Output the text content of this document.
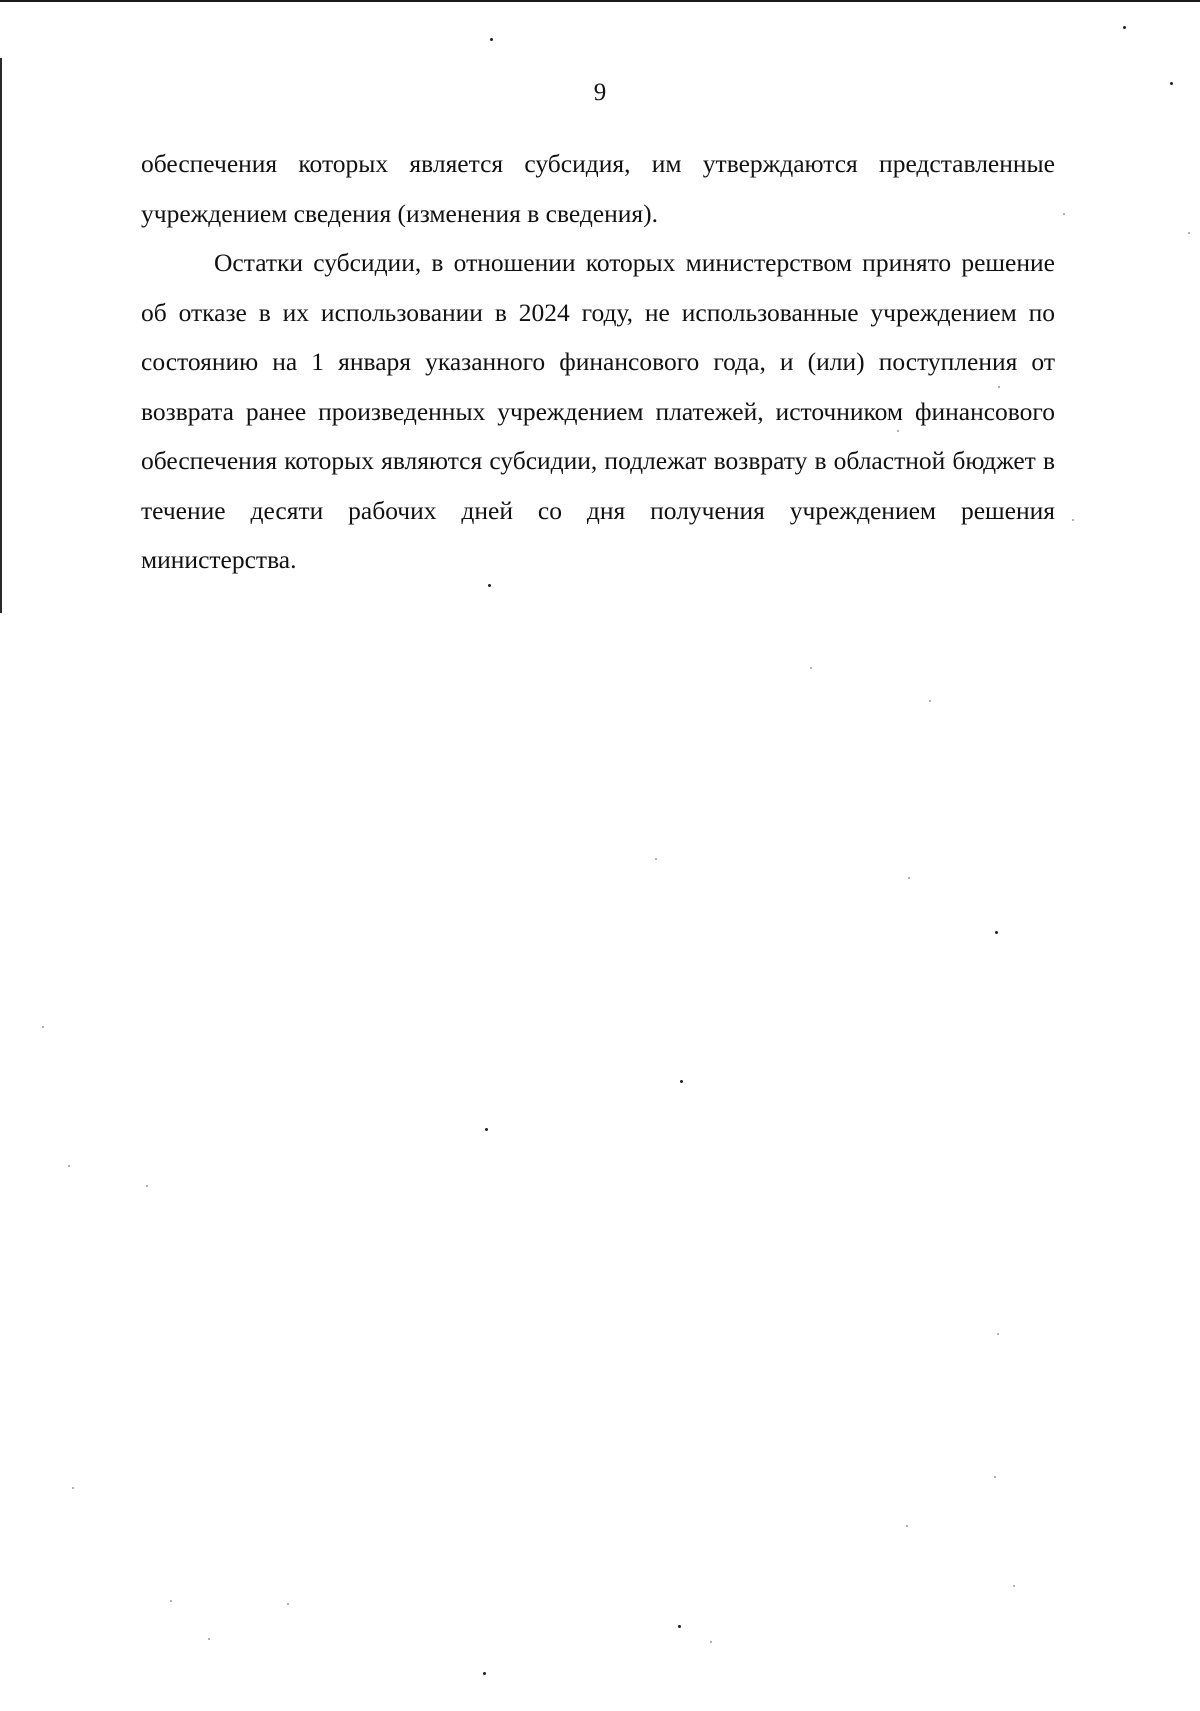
9

обеспечения которых является субсидия, им утверждаются представленные учреждением сведения (изменения в сведения).

Остатки субсидии, в отношении которых министерством принято решение об отказе в их использовании в 2024 году, не использованные учреждением по состоянию на 1 января указанного финансового года, и (или) поступления от возврата ранее произведенных учреждением платежей, источником финансового обеспечения которых являются субсидии, подлежат возврату в областной бюджет в течение десяти рабочих дней со дня получения учреждением решения министерства.
